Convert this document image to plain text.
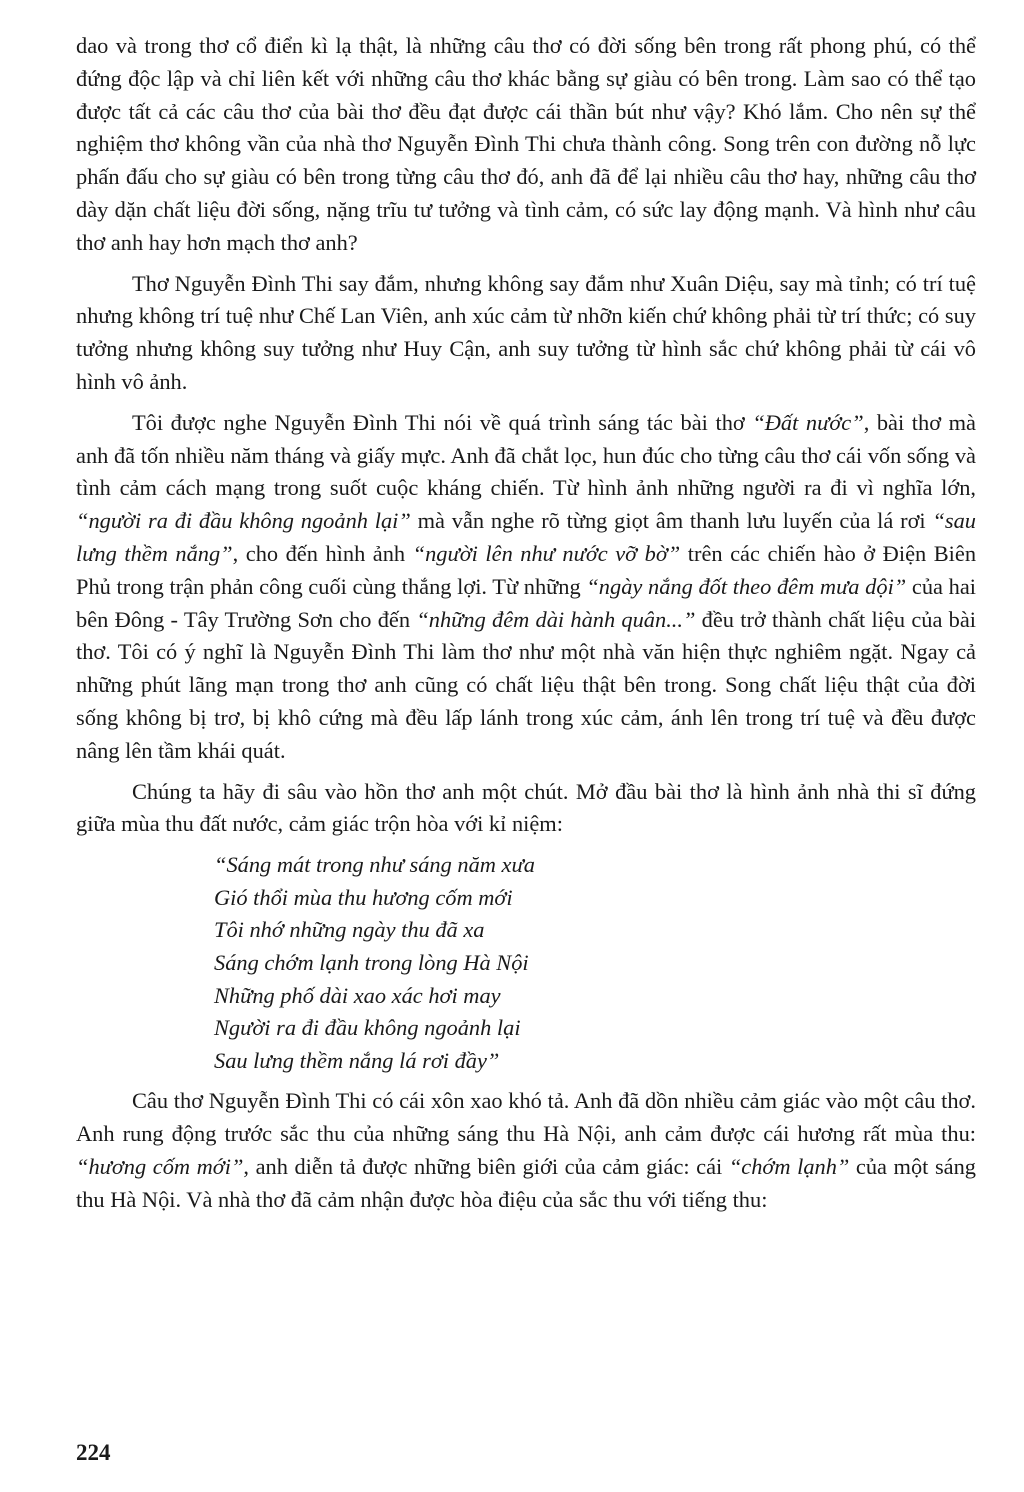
dao và trong thơ cổ điển kì lạ thật, là những câu thơ có đời sống bên trong rất phong phú, có thể đứng độc lập và chỉ liên kết với những câu thơ khác bằng sự giàu có bên trong. Làm sao có thể tạo được tất cả các câu thơ của bài thơ đều đạt được cái thần bút như vậy? Khó lắm. Cho nên sự thể nghiệm thơ không vần của nhà thơ Nguyễn Đình Thi chưa thành công. Song trên con đường nỗ lực phấn đấu cho sự giàu có bên trong từng câu thơ đó, anh đã để lại nhiều câu thơ hay, những câu thơ dày dặn chất liệu đời sống, nặng trĩu tư tưởng và tình cảm, có sức lay động mạnh. Và hình như câu thơ anh hay hơn mạch thơ anh?

Thơ Nguyễn Đình Thi say đắm, nhưng không say đắm như Xuân Diệu, say mà tỉnh; có trí tuệ nhưng không trí tuệ như Chế Lan Viên, anh xúc cảm từ nhỡn kiến chứ không phải từ trí thức; có suy tưởng nhưng không suy tưởng như Huy Cận, anh suy tưởng từ hình sắc chứ không phải từ cái vô hình vô ảnh.

Tôi được nghe Nguyễn Đình Thi nói về quá trình sáng tác bài thơ “Đất nước”, bài thơ mà anh đã tốn nhiều năm tháng và giấy mực. Anh đã chắt lọc, hun đúc cho từng câu thơ cái vốn sống và tình cảm cách mạng trong suốt cuộc kháng chiến. Từ hình ảnh những người ra đi vì nghĩa lớn, “người ra đi đầu không ngoảnh lại” mà vẫn nghe rõ từng giọt âm thanh lưu luyến của lá rơi “sau lưng thềm nắng”, cho đến hình ảnh “người lên như nước vỡ bờ” trên các chiến hào ở Điện Biên Phủ trong trận phản công cuối cùng thắng lợi. Từ những “ngày nắng đốt theo đêm mưa dội” của hai bên Đông - Tây Trường Sơn cho đến “những đêm dài hành quân...” đều trở thành chất liệu của bài thơ. Tôi có ý nghĩ là Nguyễn Đình Thi làm thơ như một nhà văn hiện thực nghiêm ngặt. Ngay cả những phút lãng mạn trong thơ anh cũng có chất liệu thật bên trong. Song chất liệu thật của đời sống không bị trơ, bị khô cứng mà đều lấp lánh trong xúc cảm, ánh lên trong trí tuệ và đều được nâng lên tầm khái quát.

Chúng ta hãy đi sâu vào hồn thơ anh một chút. Mở đầu bài thơ là hình ảnh nhà thi sĩ đứng giữa mùa thu đất nước, cảm giác trộn hòa với kỉ niệm:

“Sáng mát trong như sáng năm xưa
Gió thổi mùa thu hương cốm mới
Tôi nhớ những ngày thu đã xa
Sáng chớm lạnh trong lòng Hà Nội
Những phố dài xao xác hơi may
Người ra đi đầu không ngoảnh lại
Sau lưng thềm nắng lá rơi đầy”

Câu thơ Nguyễn Đình Thi có cái xôn xao khó tả. Anh đã dồn nhiều cảm giác vào một câu thơ. Anh rung động trước sắc thu của những sáng thu Hà Nội, anh cảm được cái hương rất mùa thu: “hương cốm mới”, anh diễn tả được những biên giới của cảm giác: cái “chớm lạnh” của một sáng thu Hà Nội. Và nhà thơ đã cảm nhận được hòa điệu của sắc thu với tiếng thu:

224
